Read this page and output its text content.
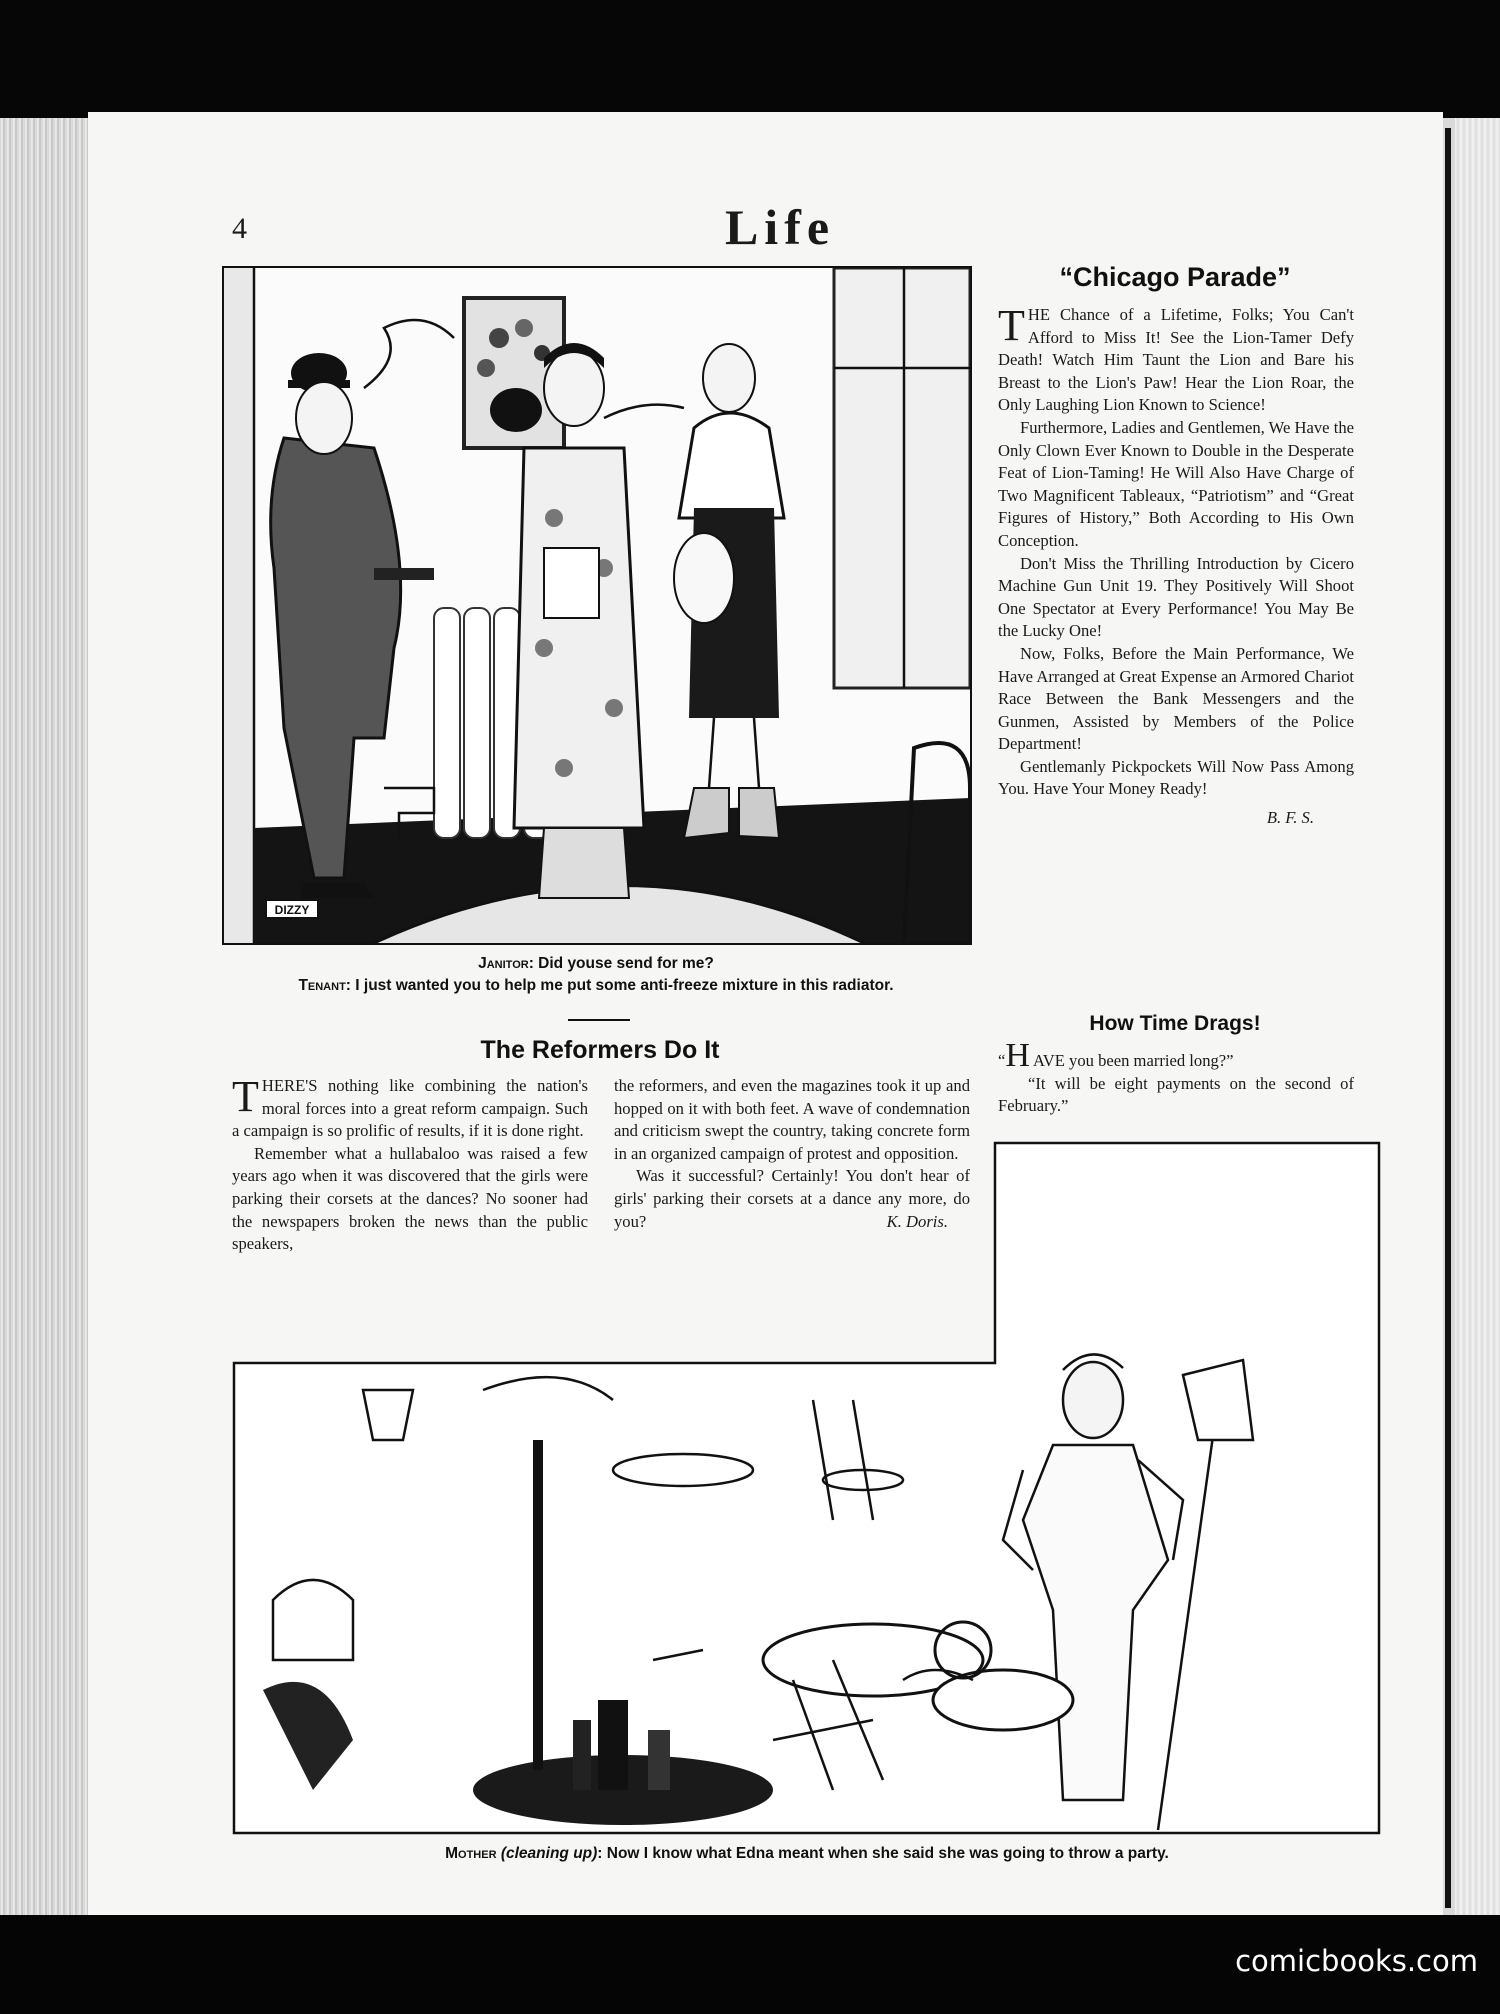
4	Life
DIZZY
Janitor: Did youse send for me?
Tenant: I just wanted you to help me put some anti-freeze mixture in this radiator.
“Chicago Parade”

THE Chance of a Lifetime, Folks; You Can't Afford to Miss It! See the Lion-Tamer Defy Death! Watch Him Taunt the Lion and Bare his Breast to the Lion's Paw! Hear the Lion Roar, the Only Laughing Lion Known to Science!

Furthermore, Ladies and Gentlemen, We Have the Only Clown Ever Known to Double in the Desperate Feat of Lion-Taming! He Will Also Have Charge of Two Magnificent Tableaux, “Patriotism” and “Great Figures of History,” Both According to His Own Conception.

Don't Miss the Thrilling Introduction by Cicero Machine Gun Unit 19. They Positively Will Shoot One Spectator at Every Performance! You May Be the Lucky One!

Now, Folks, Before the Main Performance, We Have Arranged at Great Expense an Armored Chariot Race Between the Bank Messengers and the Gunmen, Assisted by Members of the Police Department!

Gentlemanly Pickpockets Will Now Pass Among You. Have Your Money Ready!

B. F. S.
The Reformers Do It

THERE'S nothing like combining the nation's moral forces into a great reform campaign. Such a campaign is so prolific of results, if it is done right.

Remember what a hullabaloo was raised a few years ago when it was discovered that the girls were parking their corsets at the dances? No sooner had the newspapers broken the news than the public speakers,

the reformers, and even the magazines took it up and hopped on it with both feet. A wave of condemnation and criticism swept the country, taking concrete form in an organized campaign of protest and opposition.

Was it successful? Certainly! You don't hear of girls' parking their corsets at a dance any more, do you?	K. Doris.

How Time Drags!

“H AVE you been married long?”

“It will be eight payments on the second of February.”

Mother (cleaning up): Now I know what Edna meant when she said she was going to throw a party.
comicbooks.com
